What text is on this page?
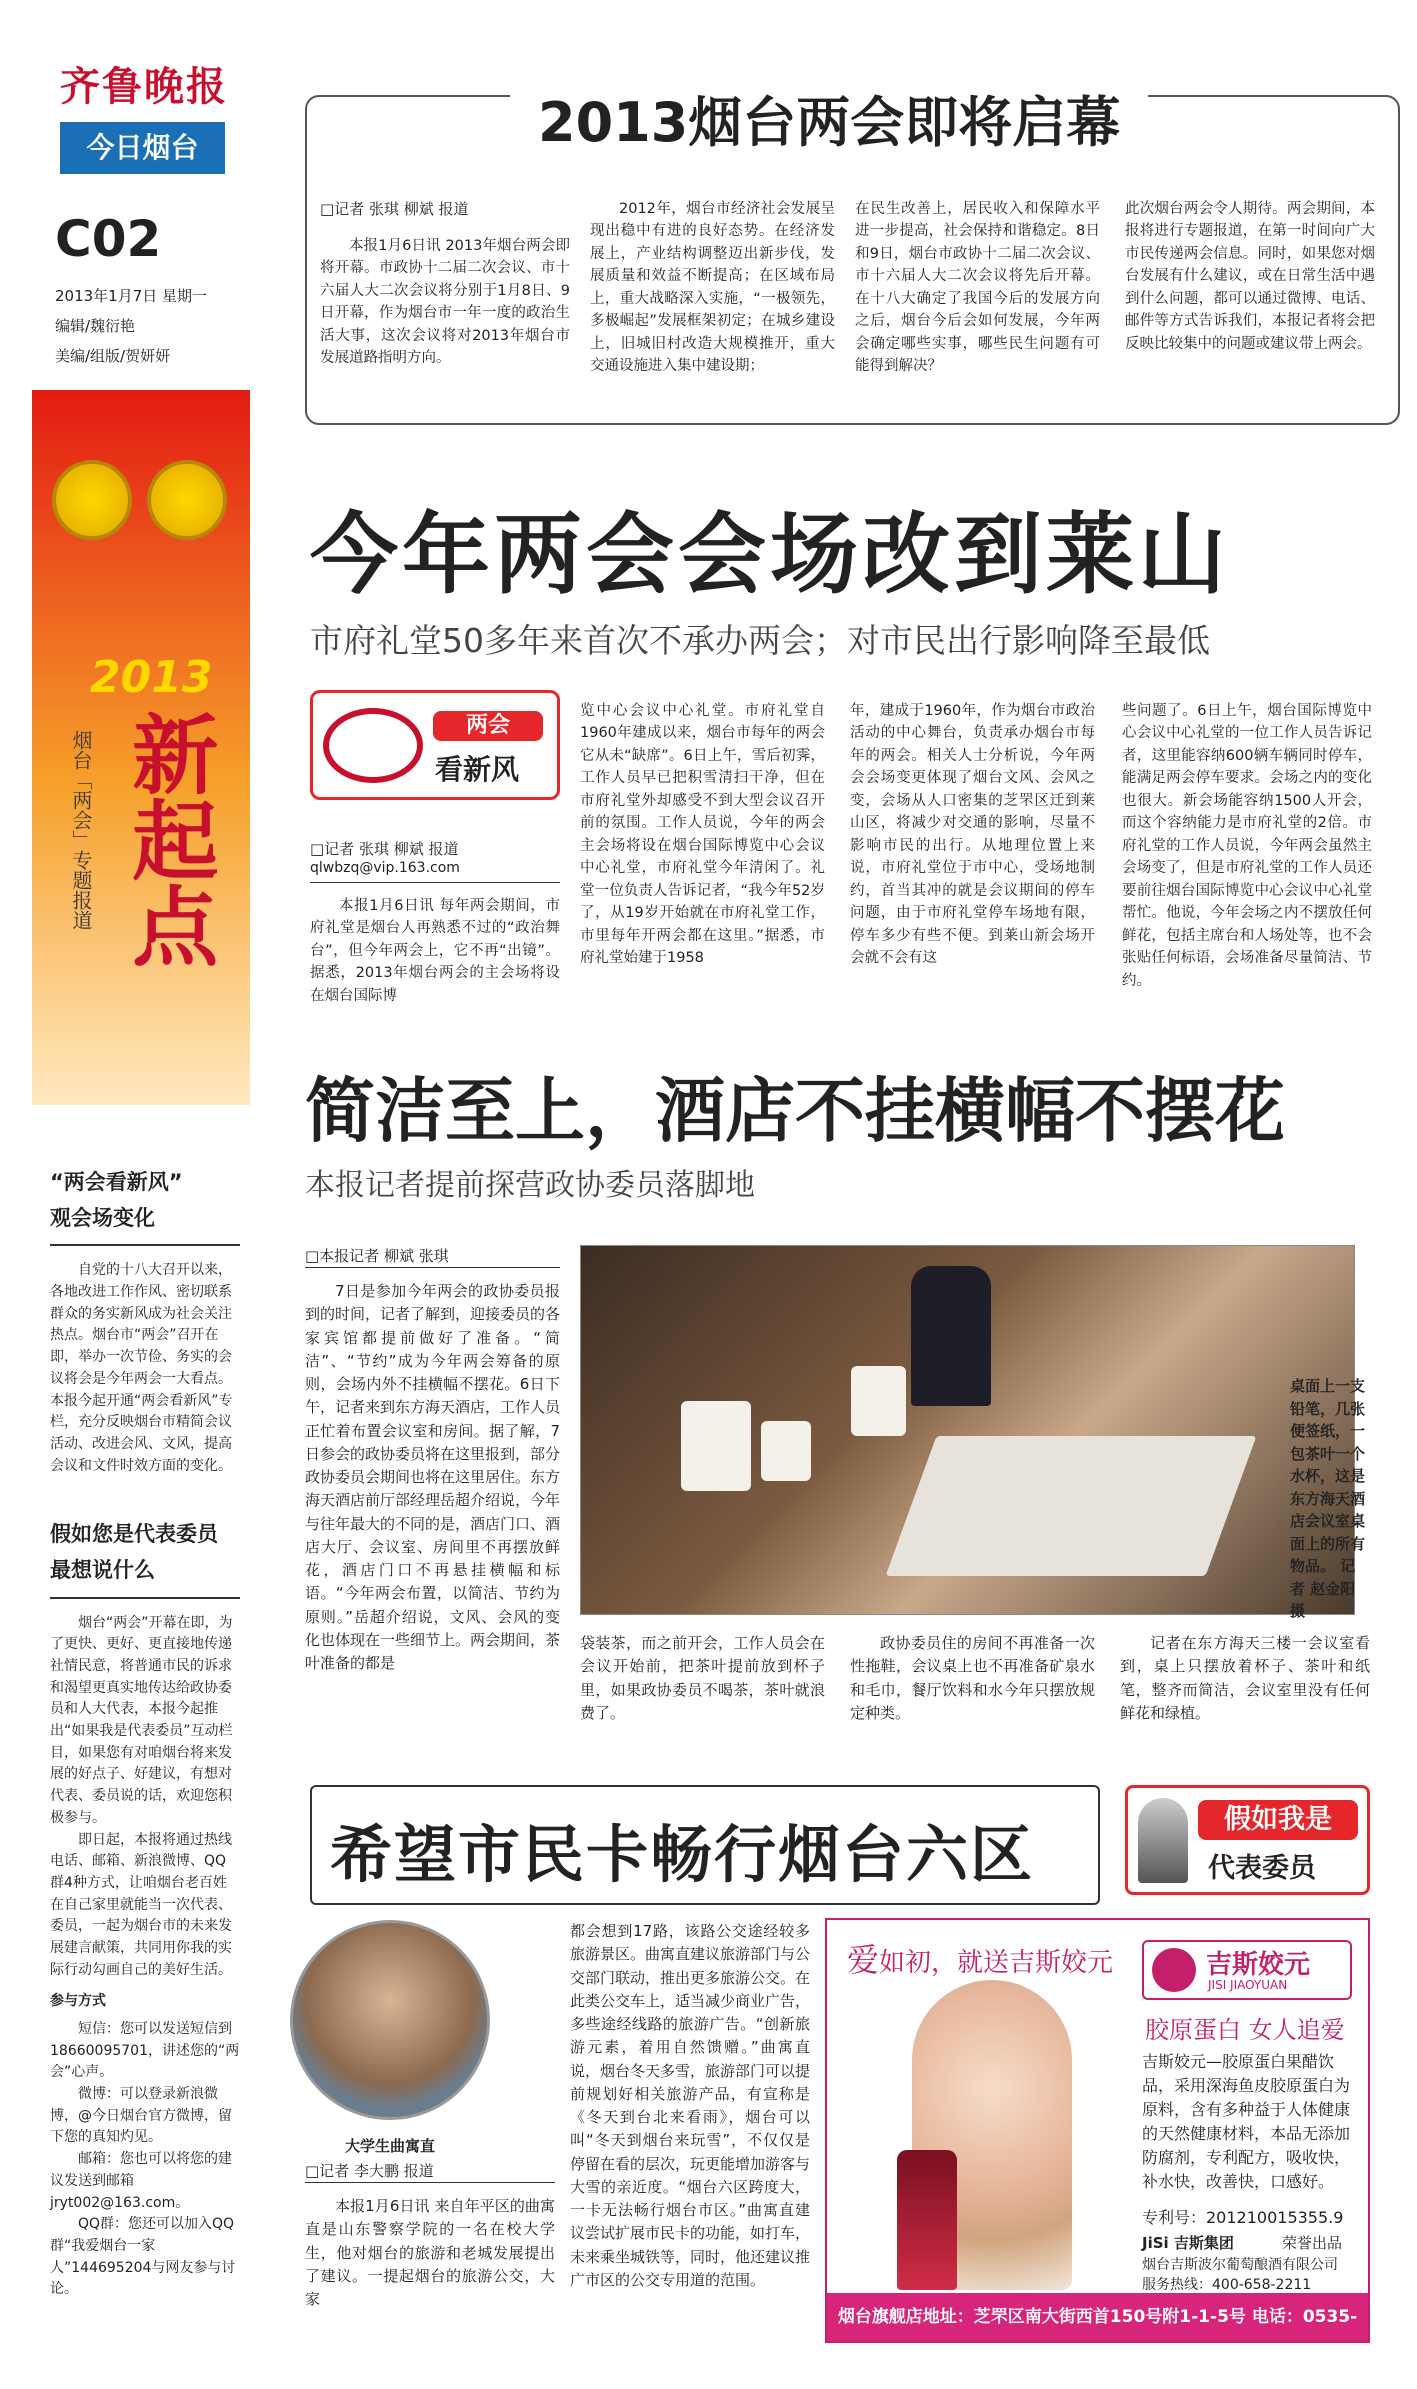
齐鲁晚报
今日烟台
C02
2013年1月7日 星期一
编辑/魏衍艳
美编/组版/贺妍妍
2013
新起点
烟台「两会」专题报道
“两会看新风”
观会场变化

自党的十八大召开以来，各地改进工作作风、密切联系群众的务实新风成为社会关注热点。烟台市“两会”召开在即，举办一次节俭、务实的会议将会是今年两会一大看点。本报今起开通“两会看新风”专栏，充分反映烟台市精简会议活动、改进会风、文风，提高会议和文件时效方面的变化。

假如您是代表委员
最想说什么

烟台“两会”开幕在即，为了更快、更好、更直接地传递社情民意，将普通市民的诉求和渴望更真实地传达给政协委员和人大代表，本报今起推出“如果我是代表委员”互动栏目，如果您有对咱烟台将来发展的好点子、好建议，有想对代表、委员说的话，欢迎您积极参与。

即日起，本报将通过热线电话、邮箱、新浪微博、QQ群4种方式，让咱烟台老百姓在自己家里就能当一次代表、委员，一起为烟台市的未来发展建言献策，共同用你我的实际行动勾画自己的美好生活。

参与方式

短信：您可以发送短信到18660095701，讲述您的“两会”心声。

微博：可以登录新浪微博，@今日烟台官方微博，留下您的真知灼见。

邮箱：您也可以将您的建议发送到邮箱jryt002@163.com。

QQ群：您还可以加入QQ群“我爱烟台一家人”144695204与网友参与讨论。

2013烟台两会即将启幕
□记者 张琪 柳斌 报道
本报1月6日讯 2013年烟台两会即将开幕。市政协十二届二次会议、市十六届人大二次会议将分别于1月8日、9日开幕，作为烟台市一年一度的政治生活大事，这次会议将对2013年烟台市发展道路指明方向。
2012年，烟台市经济社会发展呈现出稳中有进的良好态势。在经济发展上，产业结构调整迈出新步伐，发展质量和效益不断提高；在区域布局上，重大战略深入实施，“一极领先，多极崛起”发展框架初定；在城乡建设上，旧城旧村改造大规模推开，重大交通设施进入集中建设期；
在民生改善上，居民收入和保障水平进一步提高，社会保持和谐稳定。8日和9日，烟台市政协十二届二次会议、市十六届人大二次会议将先后开幕。在十八大确定了我国今后的发展方向之后，烟台今后会如何发展，今年两会确定哪些实事，哪些民生问题有可能得到解决？
此次烟台两会令人期待。两会期间，本报将进行专题报道，在第一时间向广大市民传递两会信息。同时，如果您对烟台发展有什么建议，或在日常生活中遇到什么问题，都可以通过微博、电话、邮件等方式告诉我们，本报记者将会把反映比较集中的问题或建议带上两会。
今年两会会场改到莱山
市府礼堂50多年来首次不承办两会；对市民出行影响降至最低
两会
看新风
□记者 张琪 柳斌 报道
qlwbzq@vip.163.com
本报1月6日讯 每年两会期间，市府礼堂是烟台人再熟悉不过的“政治舞台”，但今年两会上，它不再“出镜”。据悉，2013年烟台两会的主会场将设在烟台国际博
览中心会议中心礼堂。市府礼堂自1960年建成以来，烟台市每年的两会它从未“缺席”。6日上午，雪后初霁，工作人员早已把积雪清扫干净，但在市府礼堂外却感受不到大型会议召开前的氛围。工作人员说，今年的两会主会场将设在烟台国际博览中心会议中心礼堂，市府礼堂今年清闲了。礼堂一位负责人告诉记者，“我今年52岁了，从19岁开始就在市府礼堂工作，市里每年开两会都在这里。”据悉，市府礼堂始建于1958
年，建成于1960年，作为烟台市政治活动的中心舞台，负责承办烟台市每年的两会。相关人士分析说，今年两会会场变更体现了烟台文风、会风之变，会场从人口密集的芝罘区迁到莱山区，将减少对交通的影响，尽量不影响市民的出行。从地理位置上来说，市府礼堂位于市中心，受场地制约，首当其冲的就是会议期间的停车问题，由于市府礼堂停车场地有限，停车多少有些不便。到莱山新会场开会就不会有这
些问题了。6日上午，烟台国际博览中心会议中心礼堂的一位工作人员告诉记者，这里能容纳600辆车辆同时停车，能满足两会停车要求。会场之内的变化也很大。新会场能容纳1500人开会，而这个容纳能力是市府礼堂的2倍。市府礼堂的工作人员说，今年两会虽然主会场变了，但是市府礼堂的工作人员还要前往烟台国际博览中心会议中心礼堂帮忙。他说，今年会场之内不摆放任何鲜花，包括主席台和人场处等，也不会张贴任何标语，会场准备尽量简洁、节约。
简洁至上，酒店不挂横幅不摆花
本报记者提前探营政协委员落脚地
□本报记者 柳斌 张琪
7日是参加今年两会的政协委员报到的时间，记者了解到，迎接委员的各家宾馆都提前做好了准备。“简洁”、“节约”成为今年两会筹备的原则，会场内外不挂横幅不摆花。6日下午，记者来到东方海天酒店，工作人员正忙着布置会议室和房间。据了解，7日参会的政协委员将在这里报到，部分政协委员会期间也将在这里居住。东方海天酒店前厅部经理岳超介绍说，今年与往年最大的不同的是，酒店门口、酒店大厅、会议室、房间里不再摆放鲜花，酒店门口不再悬挂横幅和标语。“今年两会布置，以简洁、节约为原则。”岳超介绍说，文风、会风的变化也体现在一些细节上。两会期间，茶叶准备的都是
桌面上一支铅笔，几张便签纸，一包茶叶一个水杯，这是东方海天酒店会议室桌面上的所有物品。 记者 赵金阳 摄
袋装茶，而之前开会，工作人员会在会议开始前，把茶叶提前放到杯子里，如果政协委员不喝茶，茶叶就浪费了。
政协委员住的房间不再准备一次性拖鞋，会议桌上也不再准备矿泉水和毛巾，餐厅饮料和水今年只摆放规定种类。
记者在东方海天三楼一会议室看到，桌上只摆放着杯子、茶叶和纸笔，整齐而简洁，会议室里没有任何鲜花和绿植。
希望市民卡畅行烟台六区	假如我是
代表委员
大学生曲寓直
□记者 李大鹏 报道
本报1月6日讯 来自年平区的曲寓直是山东警察学院的一名在校大学生，他对烟台的旅游和老城发展提出了建议。一提起烟台的旅游公交，大家
都会想到17路，该路公交途经较多旅游景区。曲寓直建议旅游部门与公交部门联动，推出更多旅游公交。在此类公交车上，适当减少商业广告，多些途经线路的旅游广告。“创新旅游元素，着用自然馈赠。”曲寓直说，烟台冬天多雪，旅游部门可以提前规划好相关旅游产品，有宣称是《冬天到台北来看雨》，烟台可以叫“冬天到烟台来玩雪”，不仅仅是停留在看的层次，玩更能增加游客与大雪的亲近度。“烟台六区跨度大，一卡无法畅行烟台市区。”曲寓直建议尝试扩展市民卡的功能，如打车，未来乘坐城铁等，同时，他还建议推广市区的公交专用道的范围。
爱如初，就送吉斯姣元	吉斯姣元
JISI JIAOYUAN
胶原蛋白 女人追爱
吉斯姣元—胶原蛋白果醋饮品，采用深海鱼皮胶原蛋白为原料，含有多种益于人体健康的天然健康材料，本品无添加防腐剂，专利配方，吸收快，补水快，改善快，口感好。
专利号：201210015355.9
JiSi 吉斯集团	荣誉出品
烟台吉斯波尔葡萄酿酒有限公司
服务热线：400-658-2211
烟台旗舰店地址：芝罘区南大街西首150号附1-1-5号 电话：0535-6694999
